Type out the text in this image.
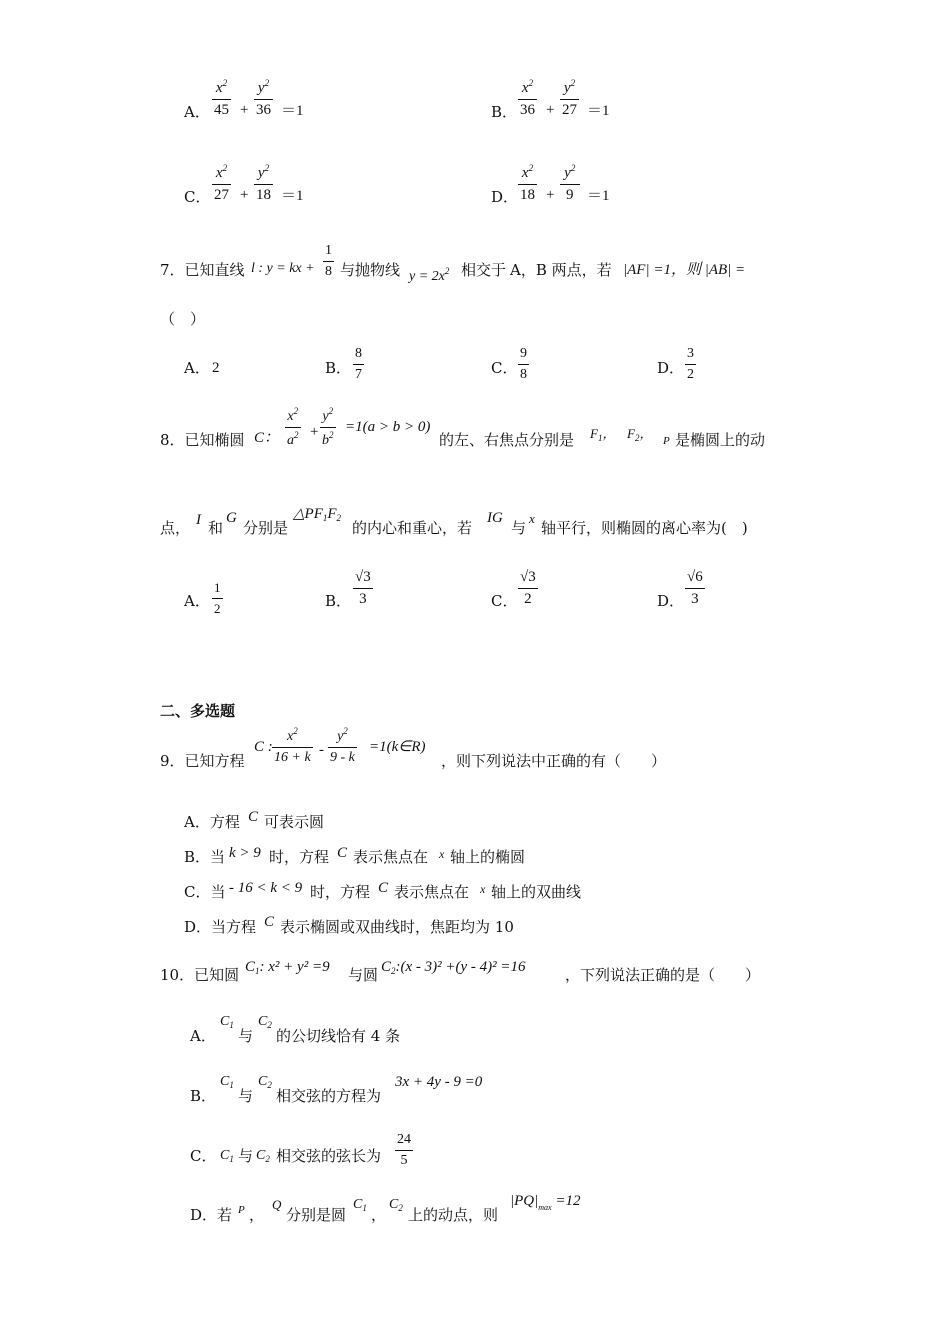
A． $\frac{x^2}{45} + \frac{y^2}{36} =1$	B． $\frac{x^2}{36} + \frac{y^2}{27} =1$
C． $\frac{x^2}{27} + \frac{y^2}{18} =1$	D． $\frac{x^2}{18} + \frac{y^2}{9} =1$
7．已知直线 l : y = kx + $\frac{1}{8}$ 与抛物线 $y = 2x^2$ 相交于 A，B 两点，若 |AF| =1，则 |AB| =
（　）
A． 2	B． $\frac{8}{7}$	C． $\frac{9}{8}$	D． $\frac{3}{2}$
8．已知椭圆 C： $\frac{x^2}{a^2} + \frac{y^2}{b^2} =1(a > b > 0)$
的左、右焦点分别是 $F_1$， $F_2$， P 是椭圆上的动
点， I 和
G
分别是
$\triangle PF_1F_2$
的内心和重心，若
IG
与
x
轴平行，则椭圆的离心率为(　)
A． $\frac{1}{2}$	B． $\frac{√3}{3}$	C． $\frac{√3}{2}$	D． $\frac{√6}{3}$
二、多选题
9．已知方程
C : $\frac{x^2}{16 + k} - \frac{y^2}{9 - k}$ =1(k∈R)
，则下列说法中正确的有（　　）
A．方程 C 可表示圆
B．当 k > 9 时，方程 C 表示焦点在 x 轴上的椭圆
C．当 - 16 < k < 9 时，方程 C 表示焦点在 x 轴上的双曲线
D．当方程 C 表示椭圆或双曲线时，焦距均为 10
10．已知圆 $C_1$: x² + y² =9 与圆 $C_2:(x - 3)^2 +(y - 4)^2 =16$	，下列说法正确的是（　　）
A．
$C_1$
与
$C_2$
的公切线恰有 4 条
B．
$C_1$
与
$C_2$
相交弦的方程为
3x + 4y - 9 =0
C． $C_1$ 与 $C_2$ 相交弦的弦长为 $\frac{24}{5}$
D．若 P ，
Q
分别是圆
$C_1$ ，
$C_2$ 上的动点，则
$|PQ|_{max} =12$
